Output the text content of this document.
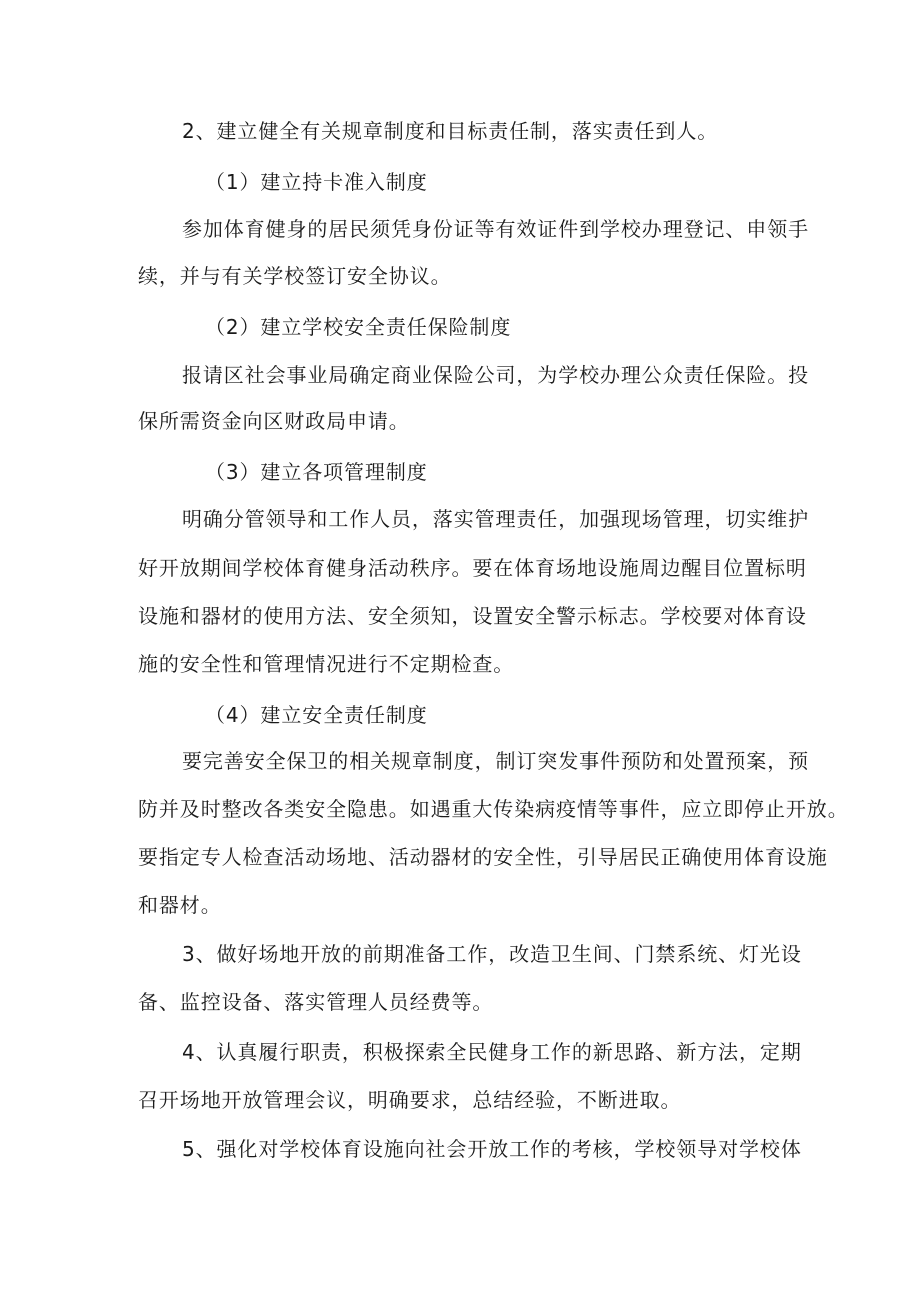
2、建立健全有关规章制度和目标责任制，落实责任到人。
（1）建立持卡准入制度
参加体育健身的居民须凭身份证等有效证件到学校办理登记、申领手
续，并与有关学校签订安全协议。
（2）建立学校安全责任保险制度
报请区社会事业局确定商业保险公司，为学校办理公众责任保险。投
保所需资金向区财政局申请。
（3）建立各项管理制度
明确分管领导和工作人员，落实管理责任，加强现场管理，切实维护
好开放期间学校体育健身活动秩序。要在体育场地设施周边醒目位置标明
设施和器材的使用方法、安全须知，设置安全警示标志。学校要对体育设
施的安全性和管理情况进行不定期检查。
（4）建立安全责任制度
要完善安全保卫的相关规章制度，制订突发事件预防和处置预案，预
防并及时整改各类安全隐患。如遇重大传染病疫情等事件，应立即停止开放。
要指定专人检查活动场地、活动器材的安全性，引导居民正确使用体育设施
和器材。
3、做好场地开放的前期准备工作，改造卫生间、门禁系统、灯光设
备、监控设备、落实管理人员经费等。
4、认真履行职责，积极探索全民健身工作的新思路、新方法，定期
召开场地开放管理会议，明确要求，总结经验，不断进取。
5、强化对学校体育设施向社会开放工作的考核，学校领导对学校体
